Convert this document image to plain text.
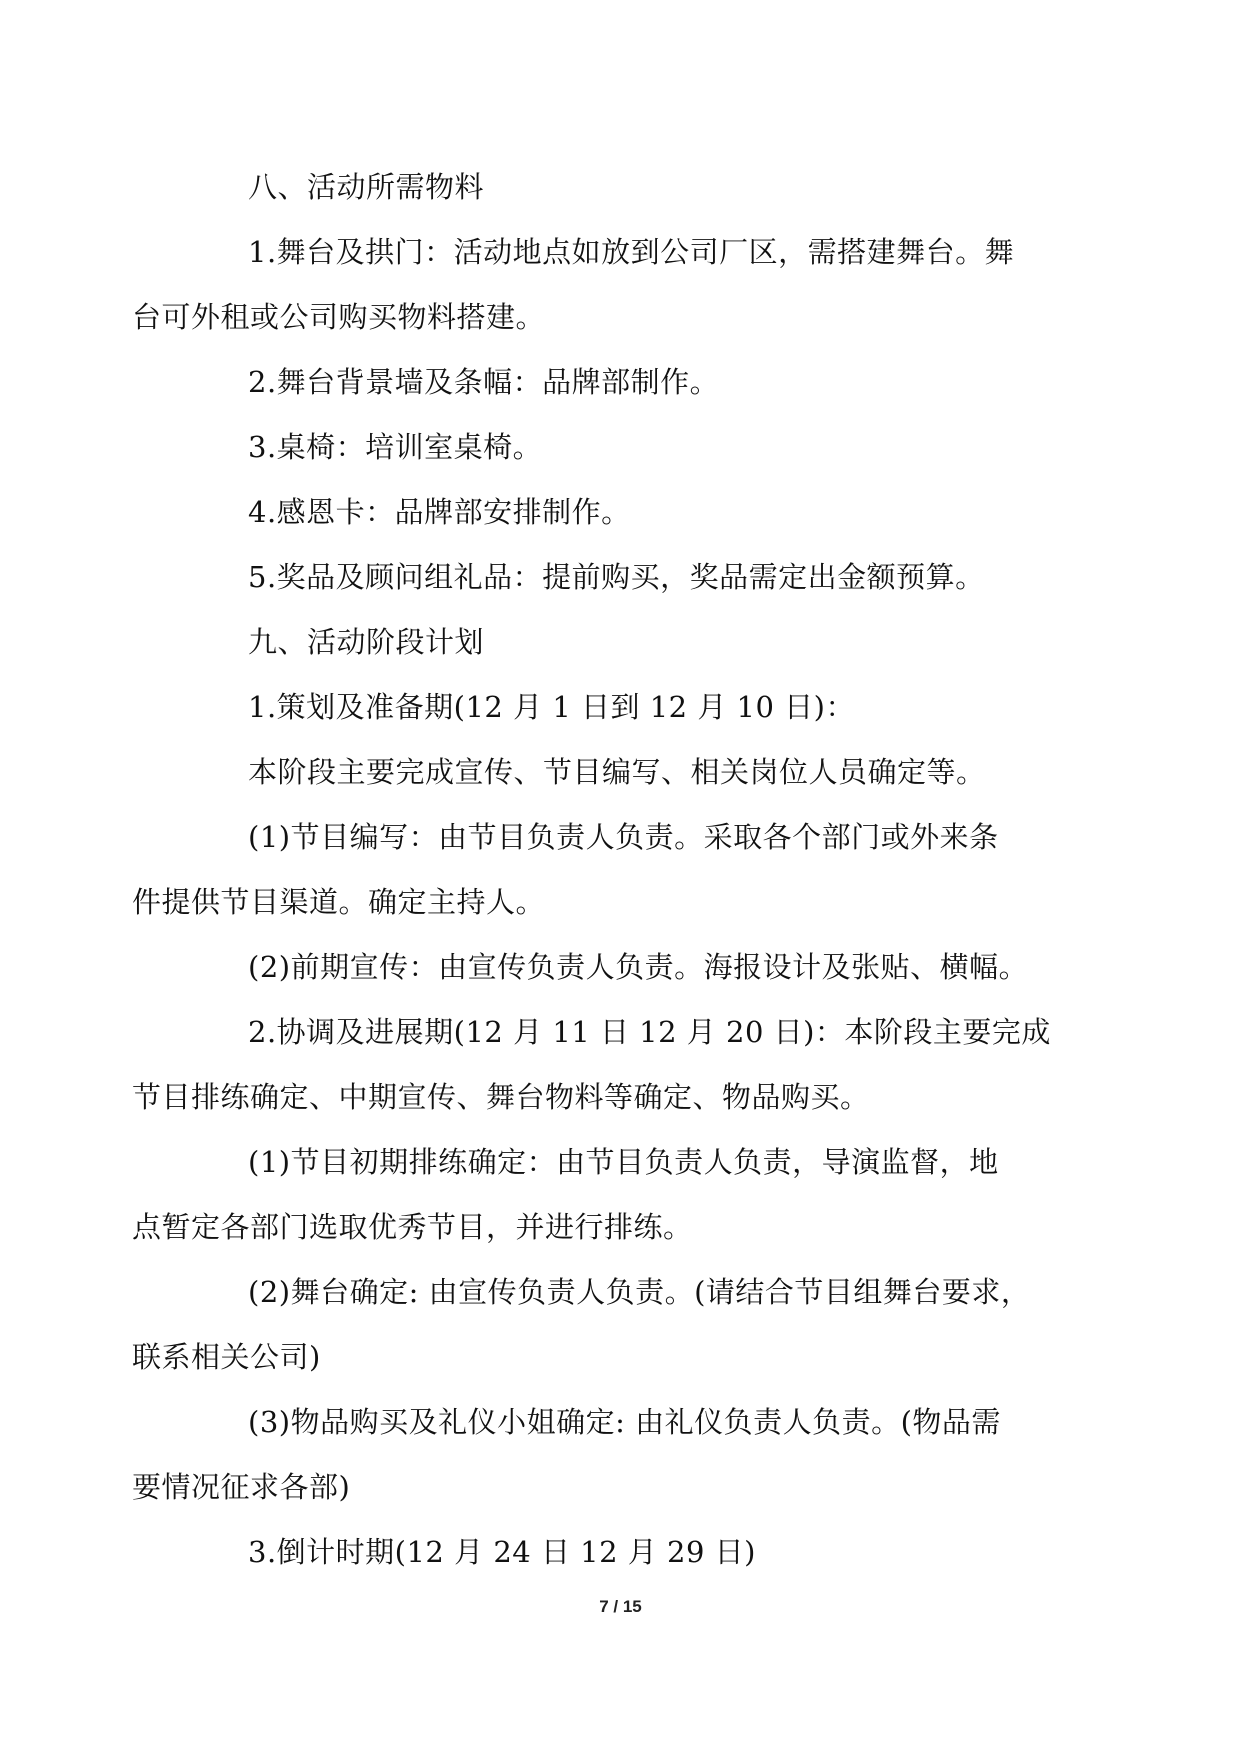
八、活动所需物料
1.舞台及拱门：活动地点如放到公司厂区，需搭建舞台。舞
台可外租或公司购买物料搭建。
2.舞台背景墙及条幅：品牌部制作。
3.桌椅：培训室桌椅。
4.感恩卡：品牌部安排制作。
5.奖品及顾问组礼品：提前购买，奖品需定出金额预算。
九、活动阶段计划
1.策划及准备期(12 月 1 日到 12 月 10 日)：
本阶段主要完成宣传、节目编写、相关岗位人员确定等。
(1)节目编写：由节目负责人负责。采取各个部门或外来条
件提供节目渠道。确定主持人。
(2)前期宣传：由宣传负责人负责。海报设计及张贴、横幅。
2.协调及进展期(12 月 11 日 12 月 20 日)：本阶段主要完成
节目排练确定、中期宣传、舞台物料等确定、物品购买。
(1)节目初期排练确定：由节目负责人负责，导演监督，地
点暂定各部门选取优秀节目，并进行排练。
(2)舞台确定: 由宣传负责人负责。(请结合节目组舞台要求，
联系相关公司)
(3)物品购买及礼仪小姐确定: 由礼仪负责人负责。(物品需
要情况征求各部)
3.倒计时期(12 月 24 日 12 月 29 日)
7 / 15
